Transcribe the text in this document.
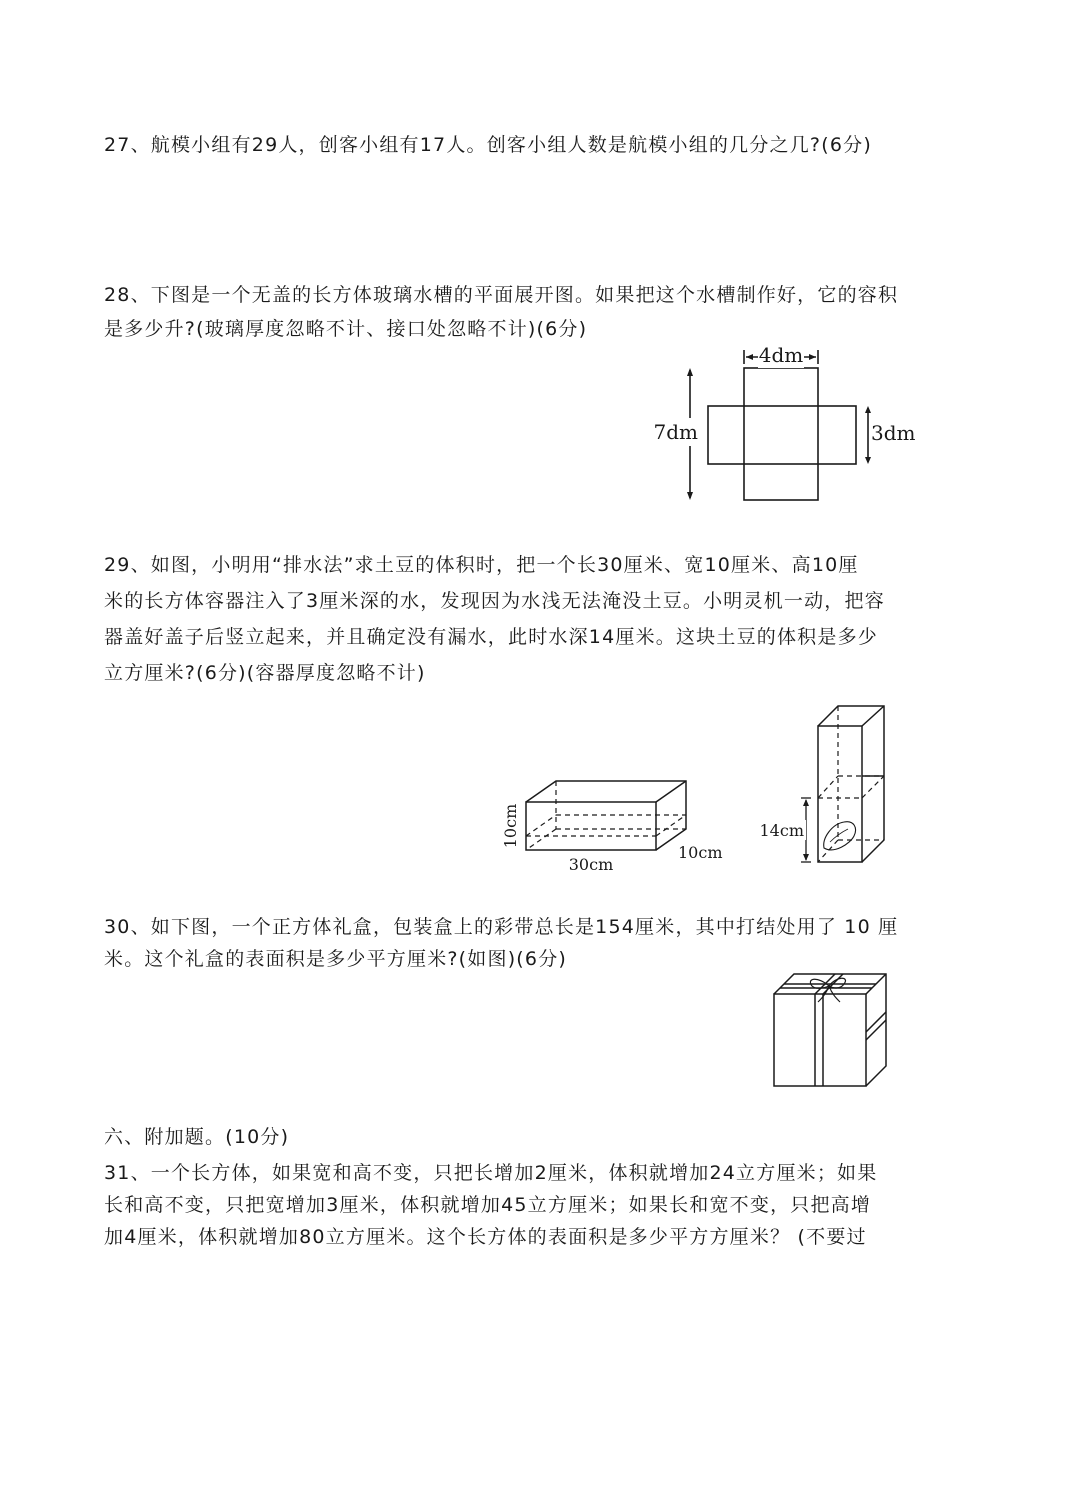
27、航模小组有29人，创客小组有17人。创客小组人数是航模小组的几分之几?(6分)
28、下图是一个无盖的长方体玻璃水槽的平面展开图。如果把这个水槽制作好，它的容积
是多少升?(玻璃厚度忽略不计、接口处忽略不计)(6分)
4dm
7dm	3dm
29、如图，小明用“排水法”求土豆的体积时，把一个长30厘米、宽10厘米、高10厘
米的长方体容器注入了3厘米深的水，发现因为水浅无法淹没土豆。小明灵机一动，把容
器盖好盖子后竖立起来，并且确定没有漏水，此时水深14厘米。这块土豆的体积是多少
立方厘米?(6分)(容器厚度忽略不计)
10cm
30cm
10cm
14cm
30、如下图，一个正方体礼盒，包装盒上的彩带总长是154厘米，其中打结处用了 10 厘
米。这个礼盒的表面积是多少平方厘米?(如图)(6分)
六、附加题。(10分)
31、一个长方体，如果宽和高不变，只把长增加2厘米，体积就增加24立方厘米；如果
长和高不变，只把宽增加3厘米，体积就增加45立方厘米；如果长和宽不变，只把高增
加4厘米，体积就增加80立方厘米。这个长方体的表面积是多少平方方厘米？ (不要过
